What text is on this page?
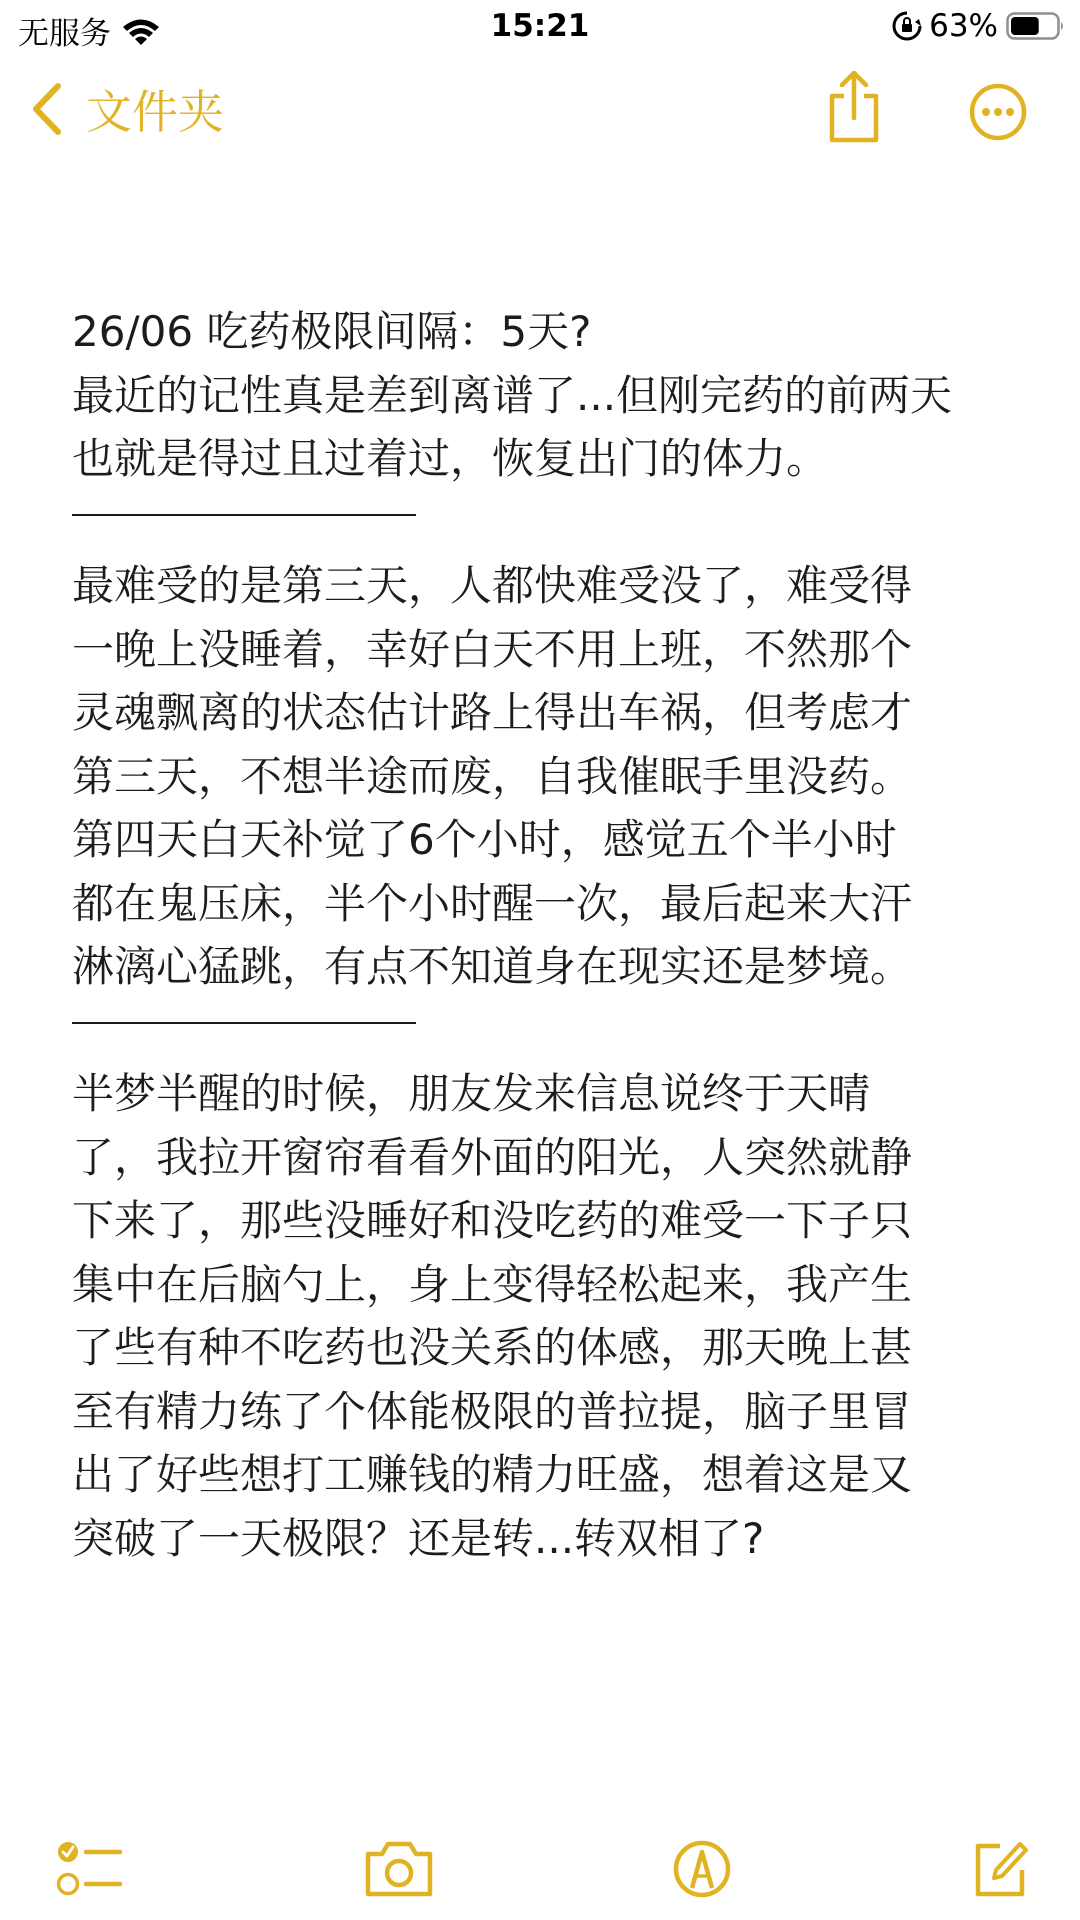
无服务	15:21	63%
文件夹
26/06 吃药极限间隔：5天?
最近的记性真是差到离谱了...但刚完药的前两天
也就是得过且过着过，恢复出门的体力。
最难受的是第三天，人都快难受没了，难受得
一晚上没睡着，幸好白天不用上班，不然那个
灵魂飘离的状态估计路上得出车祸，但考虑才
第三天，不想半途而废，自我催眠手里没药。
第四天白天补觉了6个小时，感觉五个半小时
都在鬼压床，半个小时醒一次，最后起来大汗
淋漓心猛跳，有点不知道身在现实还是梦境。
半梦半醒的时候，朋友发来信息说终于天晴
了，我拉开窗帘看看外面的阳光，人突然就静
下来了，那些没睡好和没吃药的难受一下子只
集中在后脑勺上，身上变得轻松起来，我产生
了些有种不吃药也没关系的体感，那天晚上甚
至有精力练了个体能极限的普拉提，脑子里冒
出了好些想打工赚钱的精力旺盛，想着这是又
突破了一天极限？还是转...转双相了?
